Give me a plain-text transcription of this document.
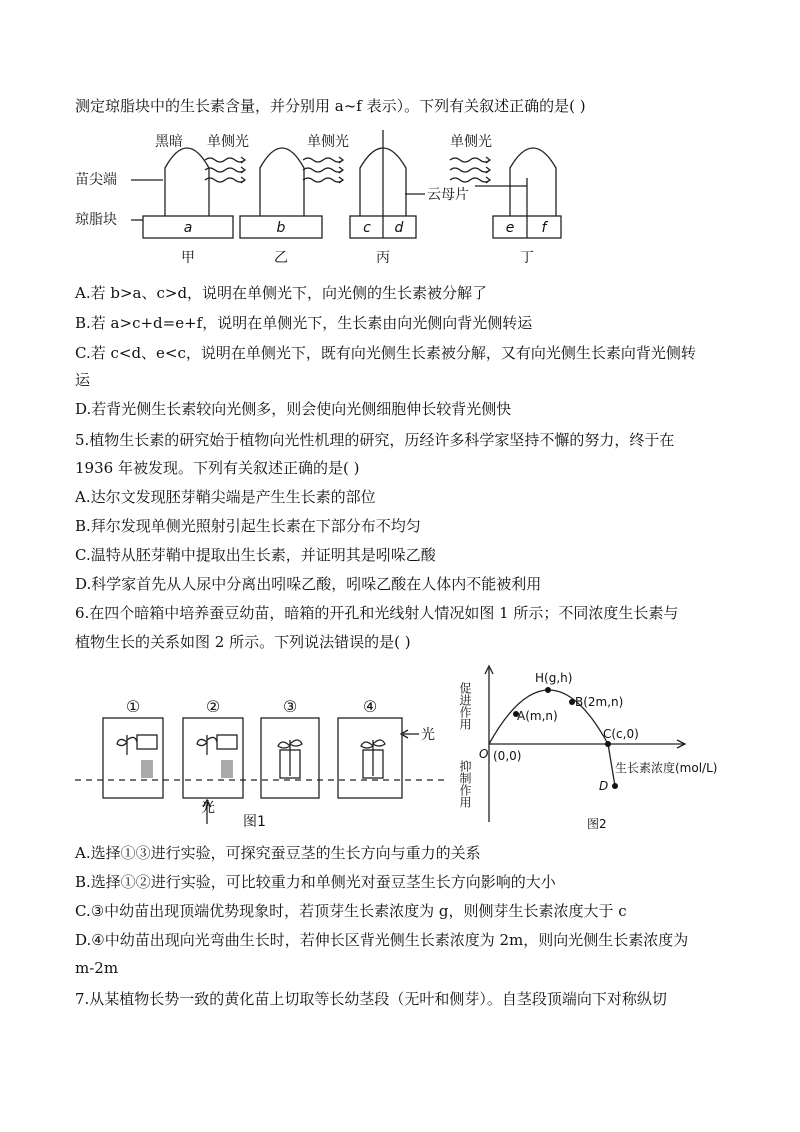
测定琼脂块中的生长素含量，并分别用 a~f 表示）。下列有关叙述正确的是( )
黑暗 单侧光	单侧光	单侧光
苗尖端
琼脂块
云母片
a	b	c d	e f
甲	乙	丙	丁
A.若 b>a、c>d，说明在单侧光下，向光侧的生长素被分解了
B.若 a>c+d=e+f，说明在单侧光下，生长素由向光侧向背光侧转运
C.若 c<d、e<c，说明在单侧光下，既有向光侧生长素被分解，又有向光侧生长素向背光侧转
运
D.若背光侧生长素较向光侧多，则会使向光侧细胞伸长较背光侧快
5.植物生长素的研究始于植物向光性机理的研究，历经许多科学家坚持不懈的努力，终于在
1936 年被发现。下列有关叙述正确的是( )
A.达尔文发现胚芽鞘尖端是产生生长素的部位
B.拜尔发现单侧光照射引起生长素在下部分布不均匀
C.温特从胚芽鞘中提取出生长素，并证明其是吲哚乙酸
D.科学家首先从人尿中分离出吲哚乙酸，吲哚乙酸在人体内不能被利用
6.在四个暗箱中培养蚕豆幼苗，暗箱的开孔和光线射人情况如图 1 所示；不同浓度生长素与
植物生长的关系如图 2 所示。下列说法错误的是( )
①	②	③	④
光
光
图1
促进作用
抑制作用
O (0,0)
H(g,h)
A(m,n)
B(2m,n)
C(c,0)
D
生长素浓度(mol/L)
图2
A.选择①③进行实验，可探究蚕豆茎的生长方向与重力的关系
B.选择①②进行实验，可比较重力和单侧光对蚕豆茎生长方向影响的大小
C.③中幼苗出现顶端优势现象时，若顶芽生长素浓度为 g，则侧芽生长素浓度大于 c
D.④中幼苗出现向光弯曲生长时，若伸长区背光侧生长素浓度为 2m，则向光侧生长素浓度为
m-2m
7.从某植物长势一致的黄化苗上切取等长幼茎段（无叶和侧芽）。自茎段顶端向下对称纵切
